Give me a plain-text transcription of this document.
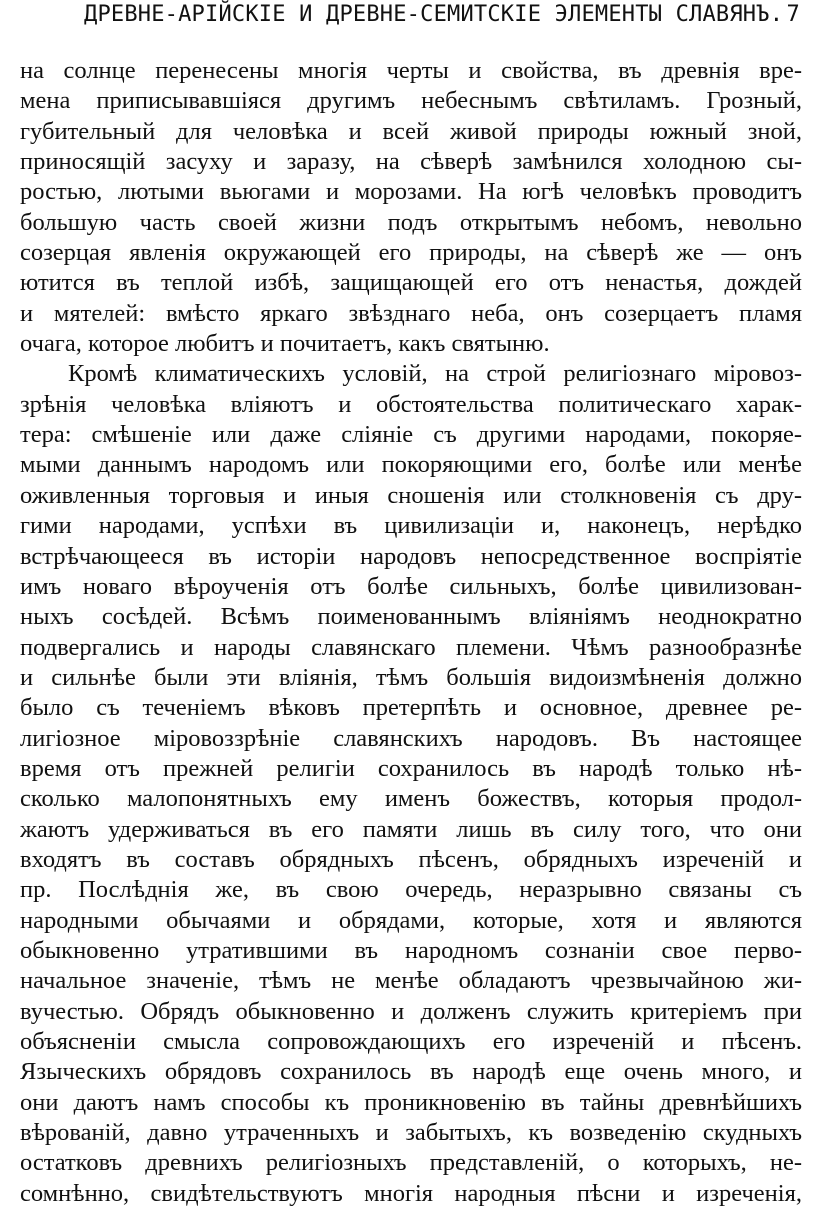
ДРЕВНЕ-АРІЙСКІЕ И ДРЕВНЕ-СЕМИТСКІЕ ЭЛЕМЕНТЫ СЛАВЯНЪ. 7
на солнце перенесены многія черты и свойства, въ древнія вре-
мена приписывавшіяся другимъ небеснымъ свѣтиламъ. Грозный,
губительный для человѣка и всей живой природы южный зной,
приносящій засуху и заразу, на сѣверѣ замѣнился холодною сы-
ростью, лютыми вьюгами и морозами. На югѣ человѣкъ проводитъ
большую часть своей жизни подъ открытымъ небомъ, невольно
созерцая явленія окружающей его природы, на сѣверѣ же — онъ
ютится въ теплой избѣ, защищающей его отъ ненастья, дождей
и мятелей: вмѣсто яркаго звѣзднаго неба, онъ созерцаетъ пламя
очага, которое любитъ и почитаетъ, какъ святыню.
Кромѣ климатическихъ условій, на строй религіознаго міровоз-
зрѣнія человѣка вліяютъ и обстоятельства политическаго харак-
тера: смѣшеніе или даже сліяніе съ другими народами, покоряе-
мыми даннымъ народомъ или покоряющими его, болѣе или менѣе
оживленныя торговыя и иныя сношенія или столкновенія съ дру-
гими народами, успѣхи въ цивилизаціи и, наконецъ, нерѣдко
встрѣчающееся въ исторіи народовъ непосредственное воспріятіе
имъ новаго вѣроученія отъ болѣе сильныхъ, болѣе цивилизован-
ныхъ сосѣдей. Всѣмъ поименованнымъ вліяніямъ неоднократно
подвергались и народы славянскаго племени. Чѣмъ разнообразнѣе
и сильнѣе были эти вліянія, тѣмъ большія видоизмѣненія должно
было съ теченіемъ вѣковъ претерпѣть и основное, древнее ре-
лигіозное міровоззрѣніе славянскихъ народовъ. Въ настоящее
время отъ прежней религіи сохранилось въ народѣ только нѣ-
сколько малопонятныхъ ему именъ божествъ, которыя продол-
жаютъ удерживаться въ его памяти лишь въ силу того, что они
входятъ въ составъ обрядныхъ пѣсенъ, обрядныхъ изреченій и
пр. Послѣднія же, въ свою очередь, неразрывно связаны съ
народными обычаями и обрядами, которые, хотя и являются
обыкновенно утратившими въ народномъ сознаніи свое перво-
начальное значеніе, тѣмъ не менѣе обладаютъ чрезвычайною жи-
вучестью. Обрядъ обыкновенно и долженъ служить критеріемъ при
объясненіи смысла сопровождающихъ его изреченій и пѣсенъ.
Языческихъ обрядовъ сохранилось въ народѣ еще очень много, и
они даютъ намъ способы къ проникновенію въ тайны древнѣйшихъ
вѣрованій, давно утраченныхъ и забытыхъ, къ возведенію скудныхъ
остатковъ древнихъ религіозныхъ представленій, о которыхъ, не-
сомнѣнно, свидѣтельствуютъ многія народныя пѣсни и изреченія,
